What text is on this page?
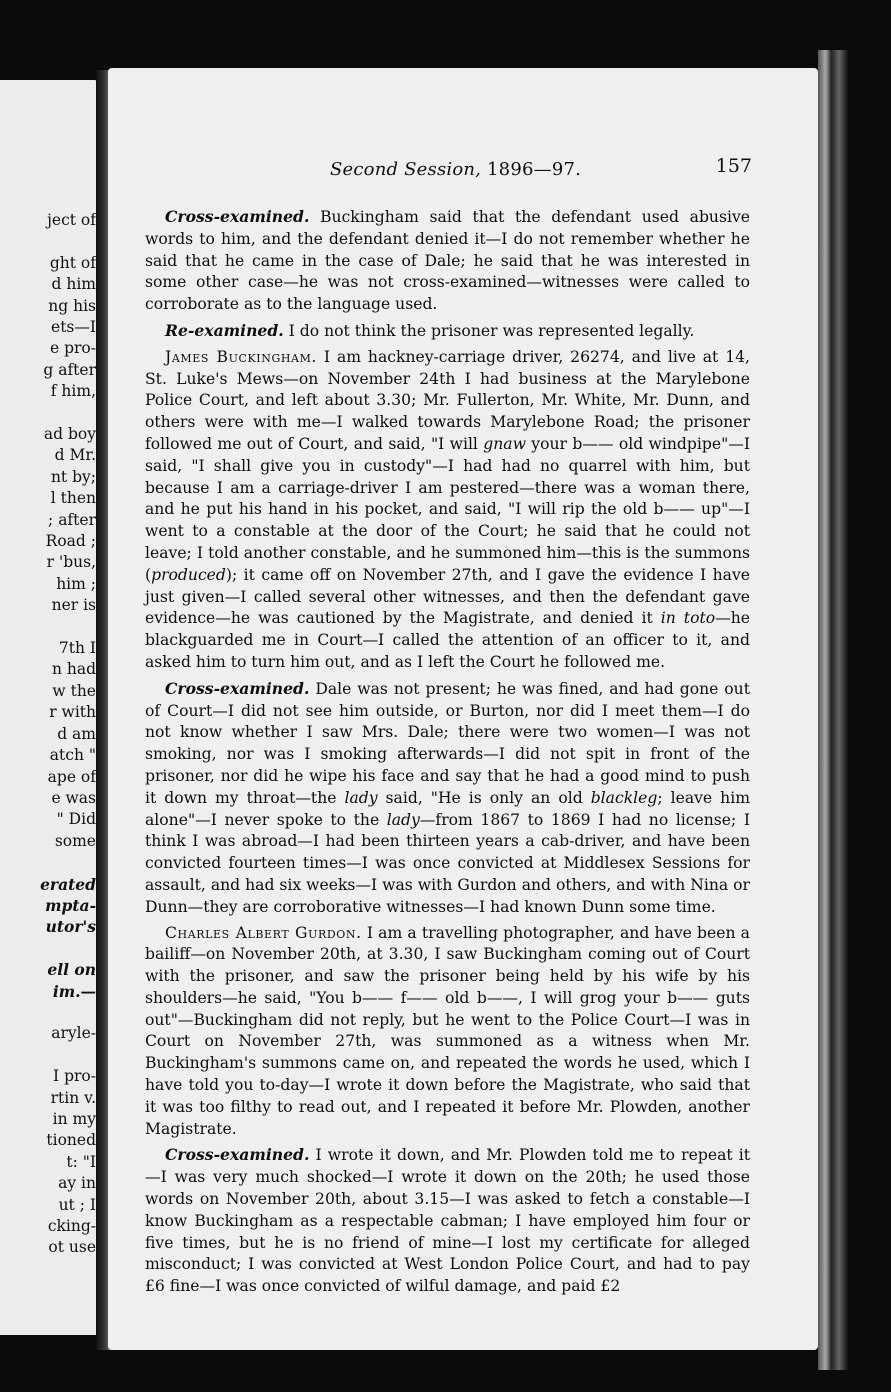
ject of
ght of
d him
ng his
ets—I
e pro-
g after
f him,
ad boy
d Mr.
nt by;
l then
; after
Road ;
r 'bus,
him ;
ner is
7th I
n had
w the
r with
d am
atch "
ape of
e was
" Did
some
erated
mpta-
utor's
ell on
im.—
aryle-
I pro-
rtin v.
in my
tioned
t: "I
ay in
ut ; I
cking-
ot use
Second Session, 1896—97.	157

Cross-examined. Buckingham said that the defendant used abusive words to him, and the defendant denied it—I do not remember whether he said that he came in the case of Dale; he said that he was interested in some other case—he was not cross-examined—witnesses were called to corroborate as to the language used.

Re-examined. I do not think the prisoner was represented legally.

James Buckingham. I am hackney-carriage driver, 26274, and live at 14, St. Luke's Mews—on November 24th I had business at the Marylebone Police Court, and left about 3.30; Mr. Fullerton, Mr. White, Mr. Dunn, and others were with me—I walked towards Marylebone Road; the prisoner followed me out of Court, and said, "I will gnaw your b—— old windpipe"—I said, "I shall give you in custody"—I had had no quarrel with him, but because I am a carriage-driver I am pestered—there was a woman there, and he put his hand in his pocket, and said, "I will rip the old b—— up"—I went to a constable at the door of the Court; he said that he could not leave; I told another constable, and he summoned him—this is the summons (produced); it came off on November 27th, and I gave the evidence I have just given—I called several other witnesses, and then the defendant gave evidence—he was cautioned by the Magistrate, and denied it in toto—he blackguarded me in Court—I called the attention of an officer to it, and asked him to turn him out, and as I left the Court he followed me.

Cross-examined. Dale was not present; he was fined, and had gone out of Court—I did not see him outside, or Burton, nor did I meet them—I do not know whether I saw Mrs. Dale; there were two women—I was not smoking, nor was I smoking afterwards—I did not spit in front of the prisoner, nor did he wipe his face and say that he had a good mind to push it down my throat—the lady said, "He is only an old blackleg; leave him alone"—I never spoke to the lady—from 1867 to 1869 I had no license; I think I was abroad—I had been thirteen years a cab-driver, and have been convicted fourteen times—I was once convicted at Middlesex Sessions for assault, and had six weeks—I was with Gurdon and others, and with Nina or Dunn—they are corroborative witnesses—I had known Dunn some time.

Charles Albert Gurdon. I am a travelling photographer, and have been a bailiff—on November 20th, at 3.30, I saw Buckingham coming out of Court with the prisoner, and saw the prisoner being held by his wife by his shoulders—he said, "You b—— f—— old b——, I will grog your b—— guts out"—Buckingham did not reply, but he went to the Police Court—I was in Court on November 27th, was summoned as a witness when Mr. Buckingham's summons came on, and repeated the words he used, which I have told you to-day—I wrote it down before the Magistrate, who said that it was too filthy to read out, and I repeated it before Mr. Plowden, another Magistrate.

Cross-examined. I wrote it down, and Mr. Plowden told me to repeat it—I was very much shocked—I wrote it down on the 20th; he used those words on November 20th, about 3.15—I was asked to fetch a constable—I know Buckingham as a respectable cabman; I have employed him four or five times, but he is no friend of mine—I lost my certificate for alleged misconduct; I was convicted at West London Police Court, and had to pay £6 fine—I was once convicted of wilful damage, and paid £2
